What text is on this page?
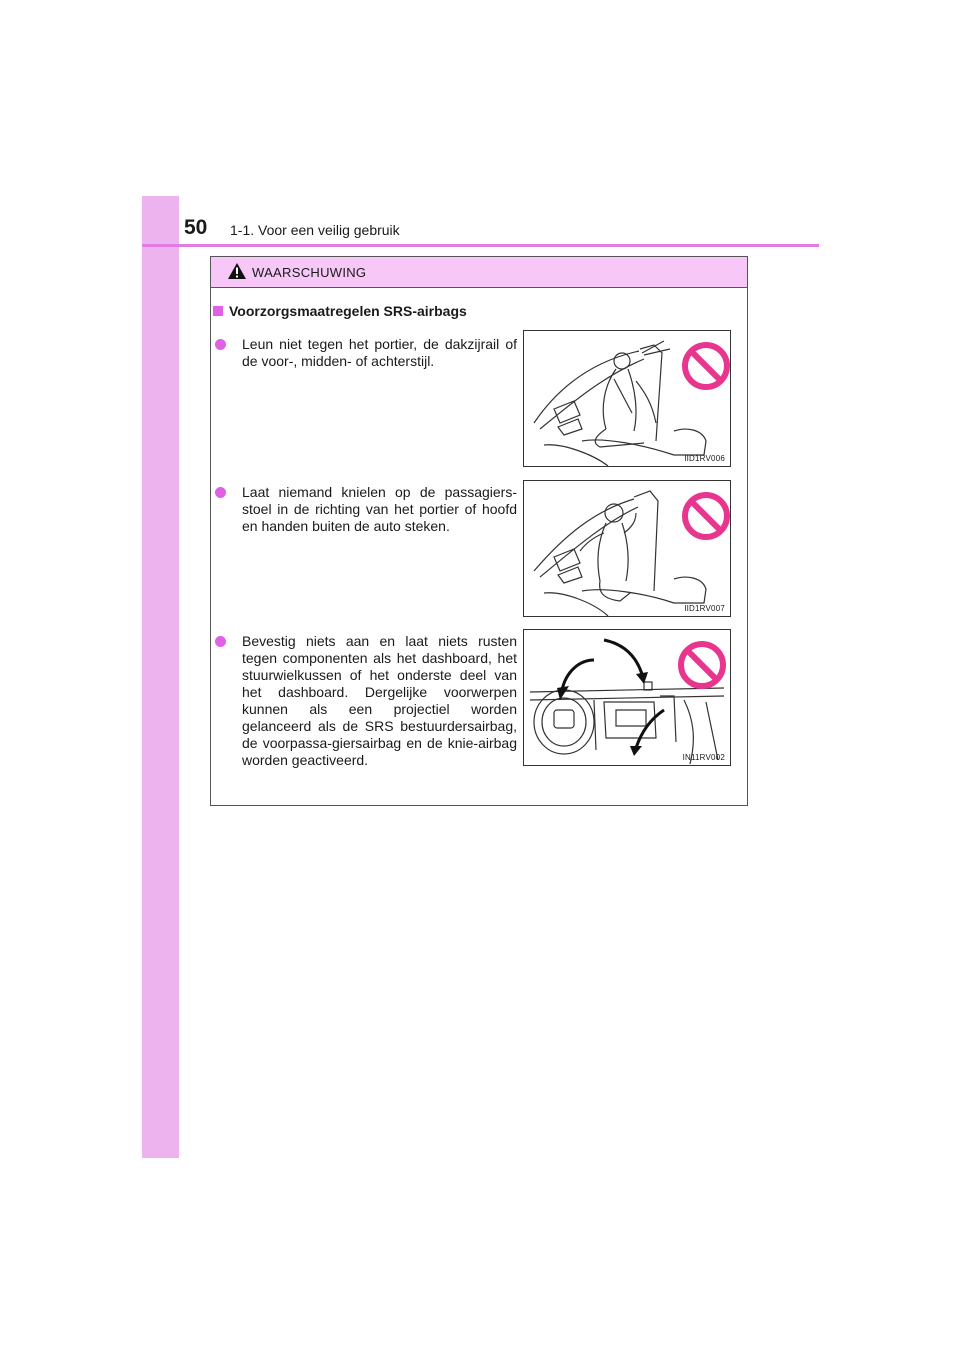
50 1-1. Voor een veilig gebruik
WAARSCHUWING
Voorzorgsmaatregelen SRS-airbags
Leun niet tegen het portier, de dakzijrail of de voor-, midden- of achterstijl.
IID1RV006
Laat niemand knielen op de passagiers-stoel in de richting van het portier of hoofd en handen buiten de auto steken.
IID1RV007
Bevestig niets aan en laat niets rusten tegen componenten als het dashboard, het stuurwielkussen of het onderste deel van het dashboard. Dergelijke voorwerpen kunnen als een projectiel worden gelanceerd als de SRS bestuurdersairbag, de voorpassa-giersairbag en de knie-airbag worden geactiveerd.	IN11RV002
